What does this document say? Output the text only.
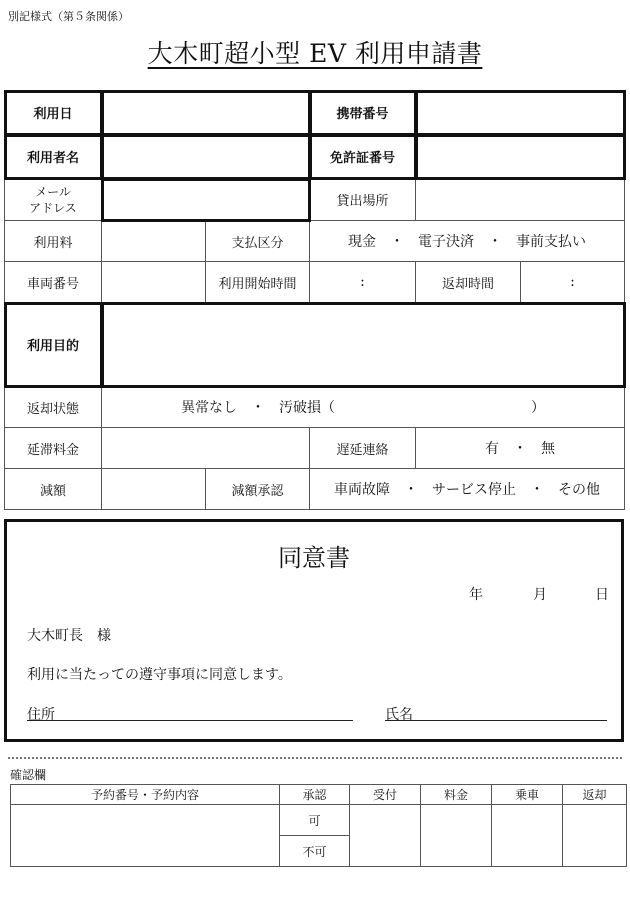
別記様式（第５条関係）
大木町超小型 EV 利用申請書
利用日			携帯番号		
利用者名			免許証番号		

メール
アドレス			貸出場所		
利用料		支払区分	現金　・　電子決済　・　事前支払い		
車両番号		利用開始時間	:	返却時間	:
利用目的					
返却状態	異常なし　・　汚破損（　　　　　　　　　　　　　　）				
延滞料金			遅延連絡	有　・　無	
減額		減額承認	車両故障　・　サービス停止　・　その他		
同意書
年	月	日
大木町長　様
利用に当たっての遵守事項に同意します。
住所	氏名
確認欄
予約番号・予約内容	承認	受付	料金	乗車	返却
	可				
	不可				
